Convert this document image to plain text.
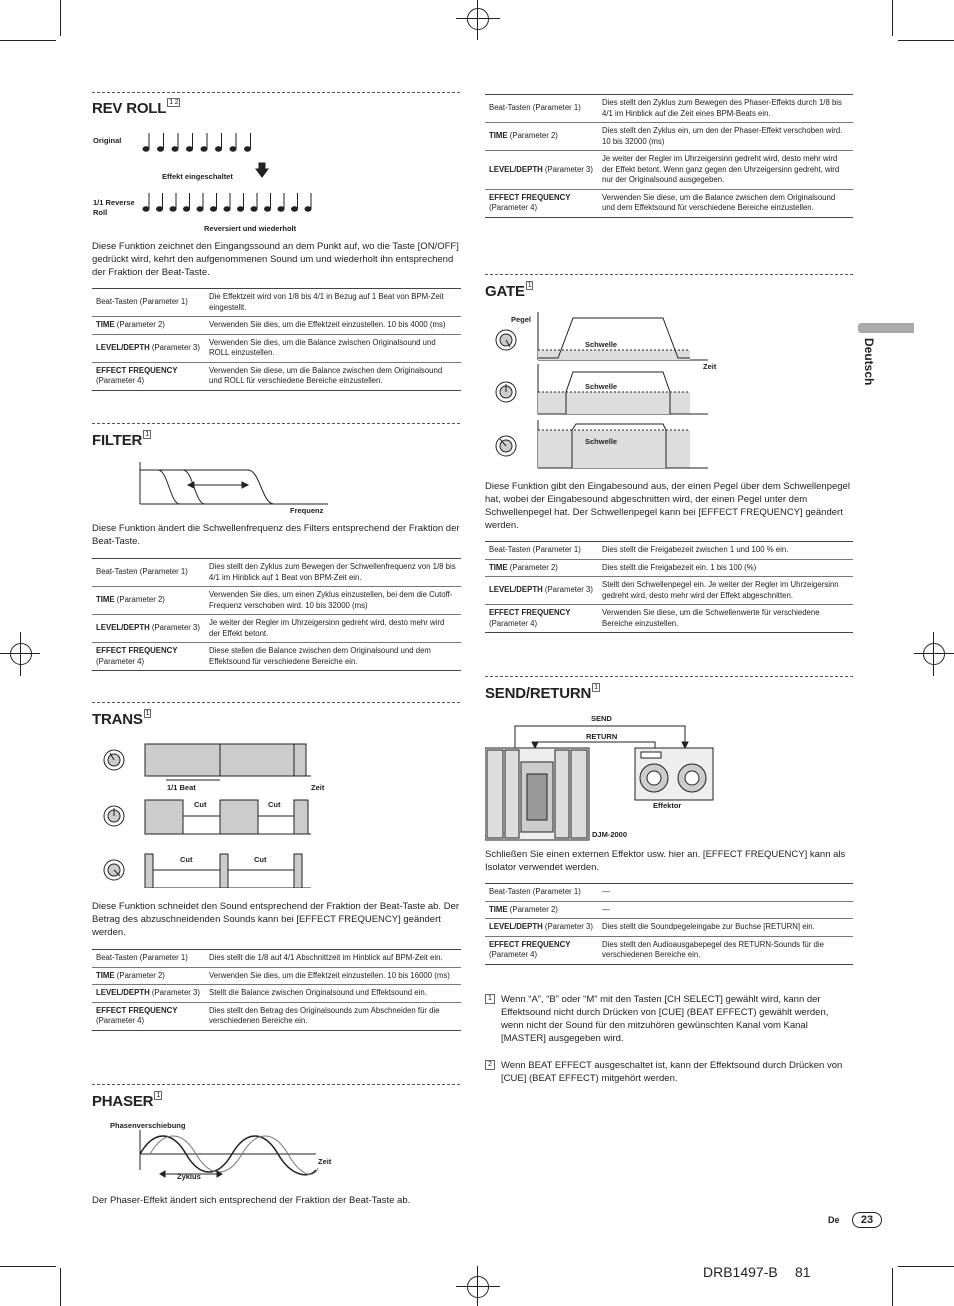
Deutsch
REV ROLL $^{1 2}$
Original
Effekt eingeschaltet
1/1 Reverse Roll
Reversiert und wiederholt
Diese Funktion zeichnet den Eingangssound an dem Punkt auf, wo die Taste [ON/OFF] gedrückt wird, kehrt den aufgenommenen Sound um und wiederholt ihn entsprechend der Fraktion der Beat-Taste.
Beat-Tasten (Parameter 1)	Die Effektzeit wird von 1/8 bis 4/1 in Bezug auf 1 Beat von BPM-Zeit eingestellt.
TIME (Parameter 2)	Verwenden Sie dies, um die Effektzeit einzustellen. 10 bis 4000 (ms)
LEVEL/DEPTH (Parameter 3)	Verwenden Sie dies, um die Balance zwischen Originalsound und ROLL einzustellen.
EFFECT FREQUENCY (Parameter 4)	Verwenden Sie diese, um die Balance zwischen dem Originalsound und ROLL für verschiedene Bereiche einzustellen.
FILTER $^1$
Frequenz
Diese Funktion ändert die Schwellenfrequenz des Filters entsprechend der Fraktion der Beat-Taste.
Beat-Tasten (Parameter 1)	Dies stellt den Zyklus zum Bewegen der Schwellenfrequenz von 1/8 bis 4/1 im Hinblick auf 1 Beat von BPM-Zeit ein.
TIME (Parameter 2)	Verwenden Sie dies, um einen Zyklus einzustellen, bei dem die Cutoff-Frequenz verschoben wird. 10 bis 32000 (ms)
LEVEL/DEPTH (Parameter 3)	Je weiter der Regler im Uhrzeigersinn gedreht wird, desto mehr wird der Effekt betont.
EFFECT FREQUENCY (Parameter 4)	Diese stellen die Balance zwischen dem Originalsound und dem Effektsound für verschiedene Bereiche ein.
TRANS $^1$
1/1 Beat	Zeit
Cut	Cut
Cut	Cut
Diese Funktion schneidet den Sound entsprechend der Fraktion der Beat-Taste ab. Der Betrag des abzuschneidenden Sounds kann bei [EFFECT FREQUENCY] geändert werden.
Beat-Tasten (Parameter 1)	Dies stellt die 1/8 auf 4/1 Abschnittzeit im Hinblick auf BPM-Zeit ein.
TIME (Parameter 2)	Verwenden Sie dies, um die Effektzeit einzustellen. 10 bis 16000 (ms)
LEVEL/DEPTH (Parameter 3)	Stellt die Balance zwischen Originalsound und Effektsound ein.
EFFECT FREQUENCY (Parameter 4)	Dies stellt den Betrag des Originalsounds zum Abschneiden für die verschiedenen Bereiche ein.
PHASER $^1$
Phasenverschiebung
Zeit
Zyklus
Der Phaser-Effekt ändert sich entsprechend der Fraktion der Beat-Taste ab.
Beat-Tasten (Parameter 1)	Dies stellt den Zyklus zum Bewegen des Phaser-Effekts durch 1/8 bis 4/1 im Hinblick auf die Zeit eines BPM-Beats ein.
TIME (Parameter 2)	Dies stellt den Zyklus ein, um den der Phaser-Effekt verschoben wird. 10 bis 32000 (ms)
LEVEL/DEPTH (Parameter 3)	Je weiter der Regler im Uhrzeigersinn gedreht wird, desto mehr wird der Effekt betont. Wenn ganz gegen den Uhrzeigersinn gedreht, wird nur der Originalsound ausgegeben.
EFFECT FREQUENCY (Parameter 4)	Verwenden Sie diese, um die Balance zwischen dem Originalsound und dem Effektsound für verschiedene Bereiche einzustellen.
GATE $^1$
Pegel
Schwelle
Zeit
Schwelle
Schwelle
Diese Funktion gibt den Eingabesound aus, der einen Pegel über dem Schwellenpegel hat, wobei der Eingabesound abgeschnitten wird, der einen Pegel unter dem Schwellenpegel hat. Der Schwellenpegel kann bei [EFFECT FREQUENCY] geändert werden.
Beat-Tasten (Parameter 1)	Dies stellt die Freigabezeit zwischen 1 und 100 % ein.
TIME (Parameter 2)	Dies stellt die Freigabezeit ein. 1 bis 100 (%)
LEVEL/DEPTH (Parameter 3)	Stellt den Schwellenpegel ein. Je weiter der Regler im Uhrzeigersinn gedreht wird, desto mehr wird der Effekt abgeschnitten.
EFFECT FREQUENCY (Parameter 4)	Verwenden Sie diese, um die Schwellenwerte für verschiedene Bereiche einzustellen.
SEND/RETURN $^1$
SEND
RETURN
Effektor
DJM-2000
Schließen Sie einen externen Effektor usw. hier an. [EFFECT FREQUENCY] kann als Isolator verwendet werden.
Beat-Tasten (Parameter 1)	—
TIME (Parameter 2)	—
LEVEL/DEPTH (Parameter 3)	Dies stellt die Soundpegeleingabe zur Buchse [RETURN] ein.
EFFECT FREQUENCY (Parameter 4)	Dies stellt den Audioausgabepegel des RETURN-Sounds für die verschiedenen Bereiche ein.
1 Wenn “A”, “B” oder “M” mit den Tasten [CH SELECT] gewählt wird, kann der Effektsound nicht durch Drücken von [CUE] (BEAT EFFECT) gewählt werden, wenn nicht der Sound für den mitzuhören gewünschten Kanal vom Kanal [MASTER] ausgegeben wird.
2 Wenn BEAT EFFECT ausgeschaltet ist, kann der Effektsound durch Drücken von [CUE] (BEAT EFFECT) mitgehört werden.
De	23
DRB1497-B 81
